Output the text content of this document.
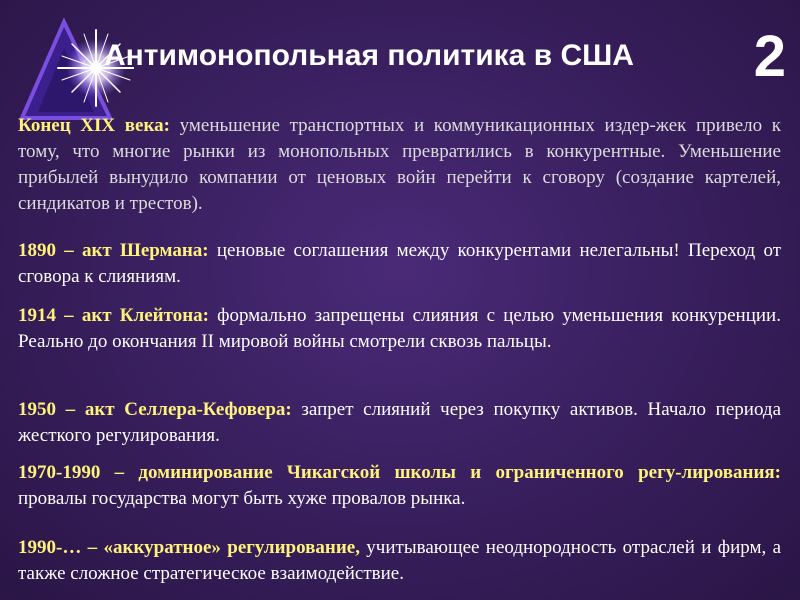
Антимонопольная политика в США 2
Конец XIX века: уменьшение транспортных и коммуникационных издер-жек привело к тому, что многие рынки из монопольных превратились в конкурентные. Уменьшение прибылей вынудило компании от ценовых войн перейти к сговору (создание картелей, синдикатов и трестов).
1890 – акт Шермана: ценовые соглашения между конкурентами нелегальны! Переход от сговора к слияниям.
1914 – акт Клейтона: формально запрещены слияния с целью уменьшения конкуренции. Реально до окончания II мировой войны смотрели сквозь пальцы.
1950 – акт Селлера-Кефовера: запрет слияний через покупку активов. Начало периода жесткого регулирования.
1970-1990 – доминирование Чикагской школы и ограниченного регу-лирования: провалы государства могут быть хуже провалов рынка.
1990-… – «аккуратное» регулирование, учитывающее неоднородность отраслей и фирм, а также сложное стратегическое взаимодействие.
